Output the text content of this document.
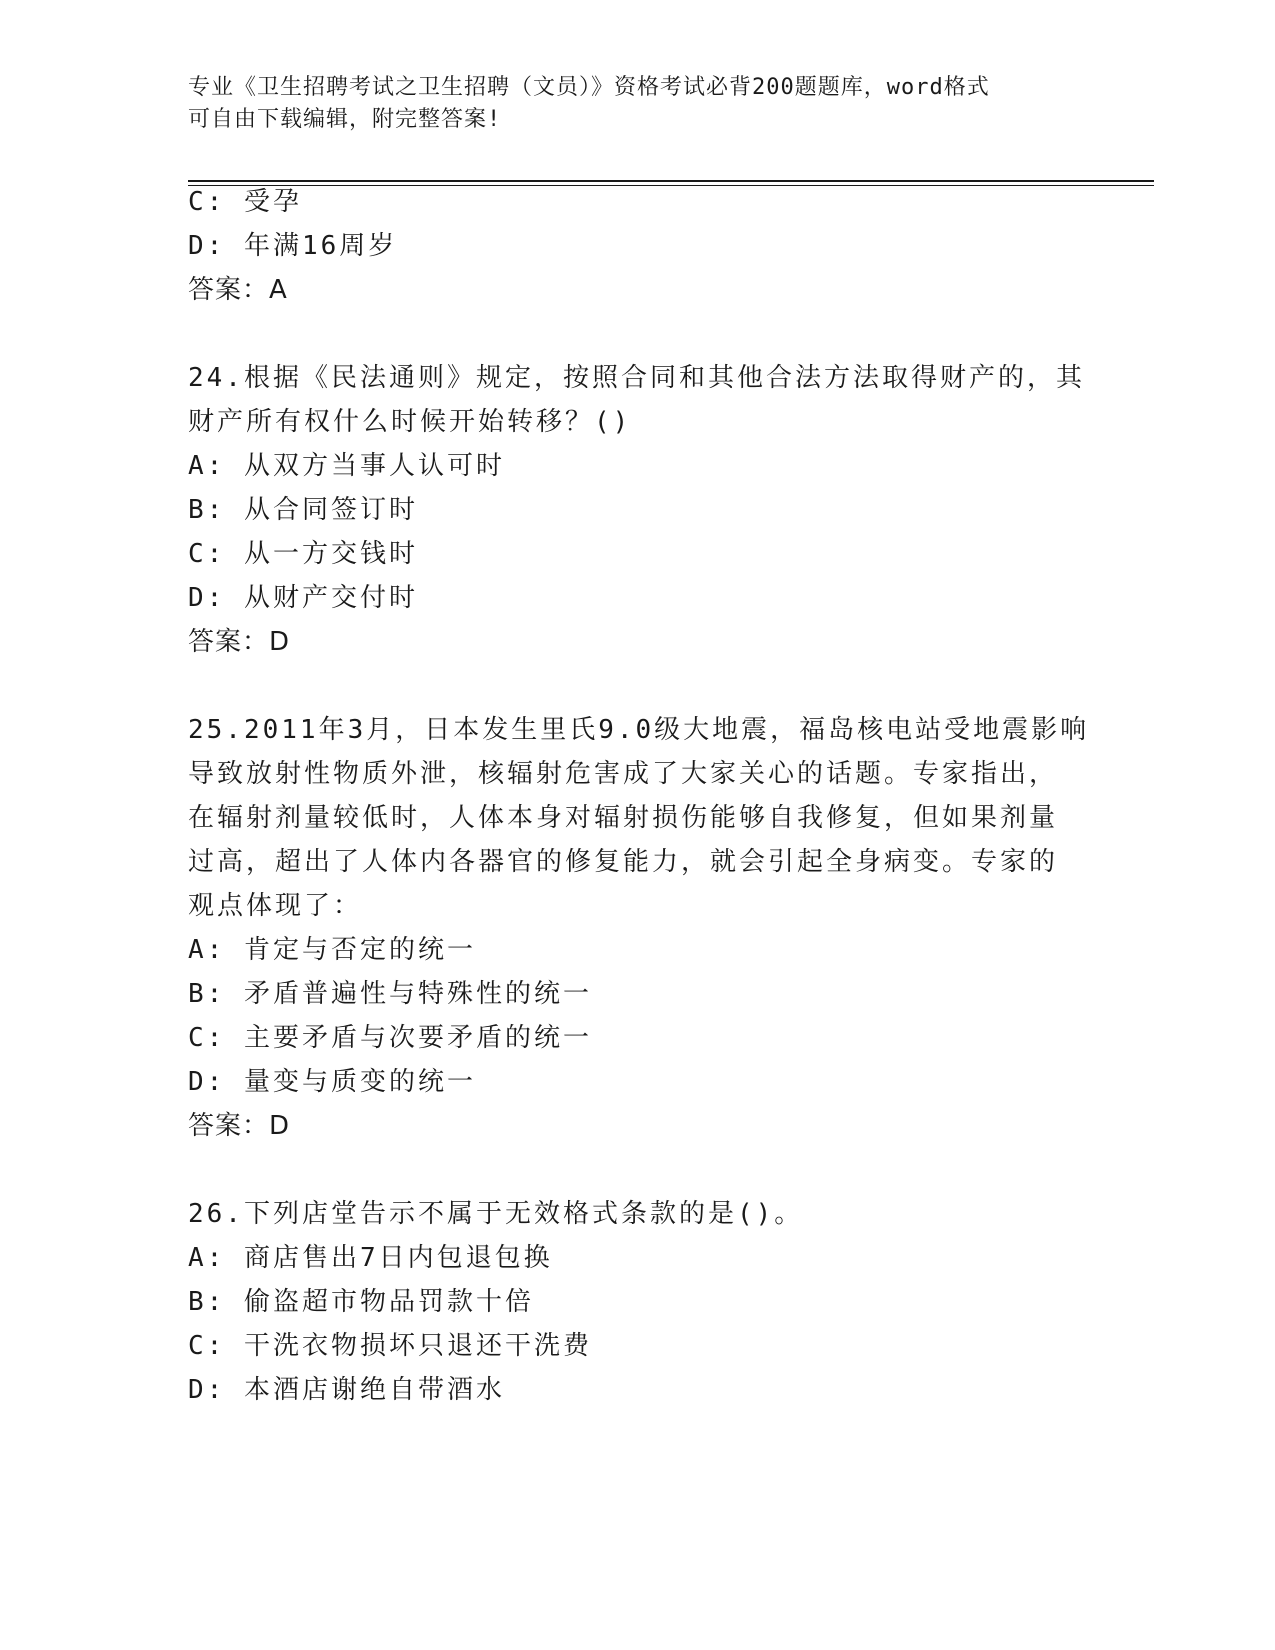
专业《卫生招聘考试之卫生招聘（文员）》资格考试必背200题题库，word格式
可自由下载编辑，附完整答案!
C: 受孕
D: 年满16周岁
答案：A
24.根据《民法通则》规定，按照合同和其他合法方法取得财产的，其
财产所有权什么时候开始转移？()
A: 从双方当事人认可时
B: 从合同签订时
C: 从一方交钱时
D: 从财产交付时
答案：D
25.2011年3月，日本发生里氏9.0级大地震，福岛核电站受地震影响
导致放射性物质外泄，核辐射危害成了大家关心的话题。专家指出，
在辐射剂量较低时，人体本身对辐射损伤能够自我修复，但如果剂量
过高，超出了人体内各器官的修复能力，就会引起全身病变。专家的
观点体现了：
A: 肯定与否定的统一
B: 矛盾普遍性与特殊性的统一
C: 主要矛盾与次要矛盾的统一
D: 量变与质变的统一
答案：D
26.下列店堂告示不属于无效格式条款的是()。
A: 商店售出7日内包退包换
B: 偷盗超市物品罚款十倍
C: 干洗衣物损坏只退还干洗费
D: 本酒店谢绝自带酒水
